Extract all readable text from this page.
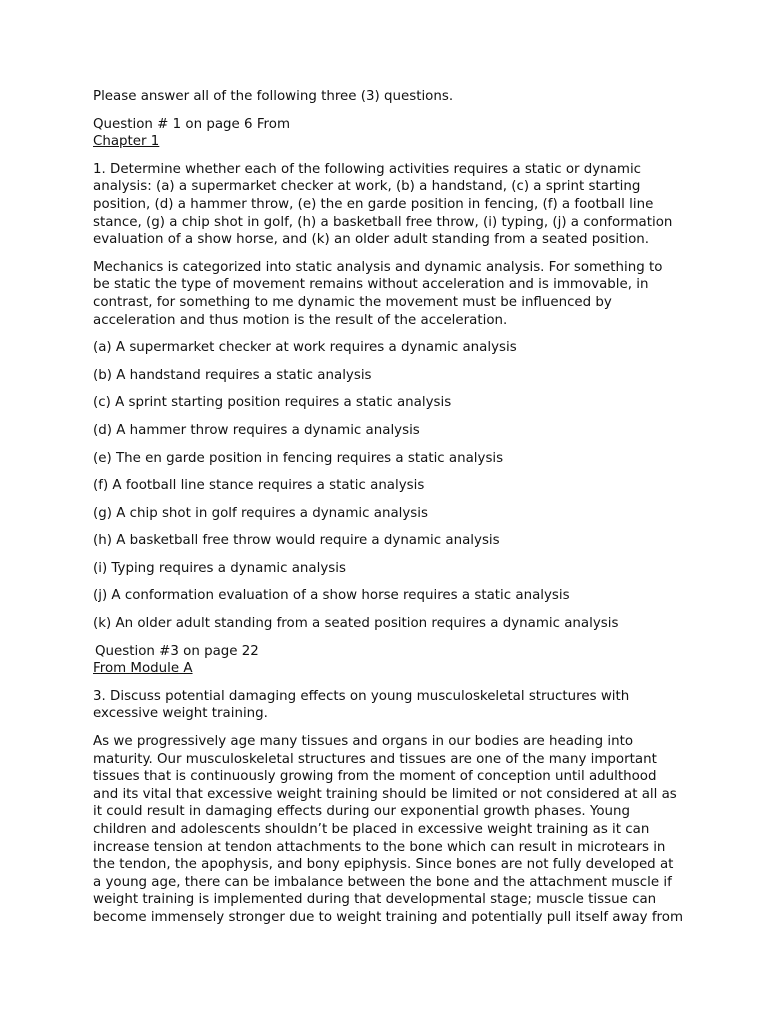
Please answer all of the following three (3) questions.

Question # 1 on page 6 From

Chapter 1

1. Determine whether each of the following activities requires a static or dynamic analysis: (a) a supermarket checker at work, (b) a handstand, (c) a sprint starting position, (d) a hammer throw, (e) the en garde position in fencing, (f) a football line stance, (g) a chip shot in golf, (h) a basketball free throw, (i) typing, (j) a conformation evaluation of a show horse, and (k) an older adult standing from a seated position.

Mechanics is categorized into static analysis and dynamic analysis. For something to be static the type of movement remains without acceleration and is immovable, in contrast, for something to me dynamic the movement must be influenced by acceleration and thus motion is the result of the acceleration.

(a) A supermarket checker at work requires a dynamic analysis

(b) A handstand requires a static analysis

(c) A sprint starting position requires a static analysis

(d) A hammer throw requires a dynamic analysis

(e) The en garde position in fencing requires a static analysis

(f) A football line stance requires a static analysis

(g) A chip shot in golf requires a dynamic analysis

(h) A basketball free throw would require a dynamic analysis

(i) Typing requires a dynamic analysis

(j) A conformation evaluation of a show horse requires a static analysis

(k) An older adult standing from a seated position requires a dynamic analysis

Question #3 on page 22

From Module A

3. Discuss potential damaging effects on young musculoskeletal structures with excessive weight training.

As we progressively age many tissues and organs in our bodies are heading into maturity. Our musculoskeletal structures and tissues are one of the many important tissues that is continuously growing from the moment of conception until adulthood and its vital that excessive weight training should be limited or not considered at all as it could result in damaging effects during our exponential growth phases. Young children and adolescents shouldn’t be placed in excessive weight training as it can increase tension at tendon attachments to the bone which can result in microtears in the tendon, the apophysis, and bony epiphysis. Since bones are not fully developed at a young age, there can be imbalance between the bone and the attachment muscle if weight training is implemented during that developmental stage; muscle tissue can become immensely stronger due to weight training and potentially pull itself away from
